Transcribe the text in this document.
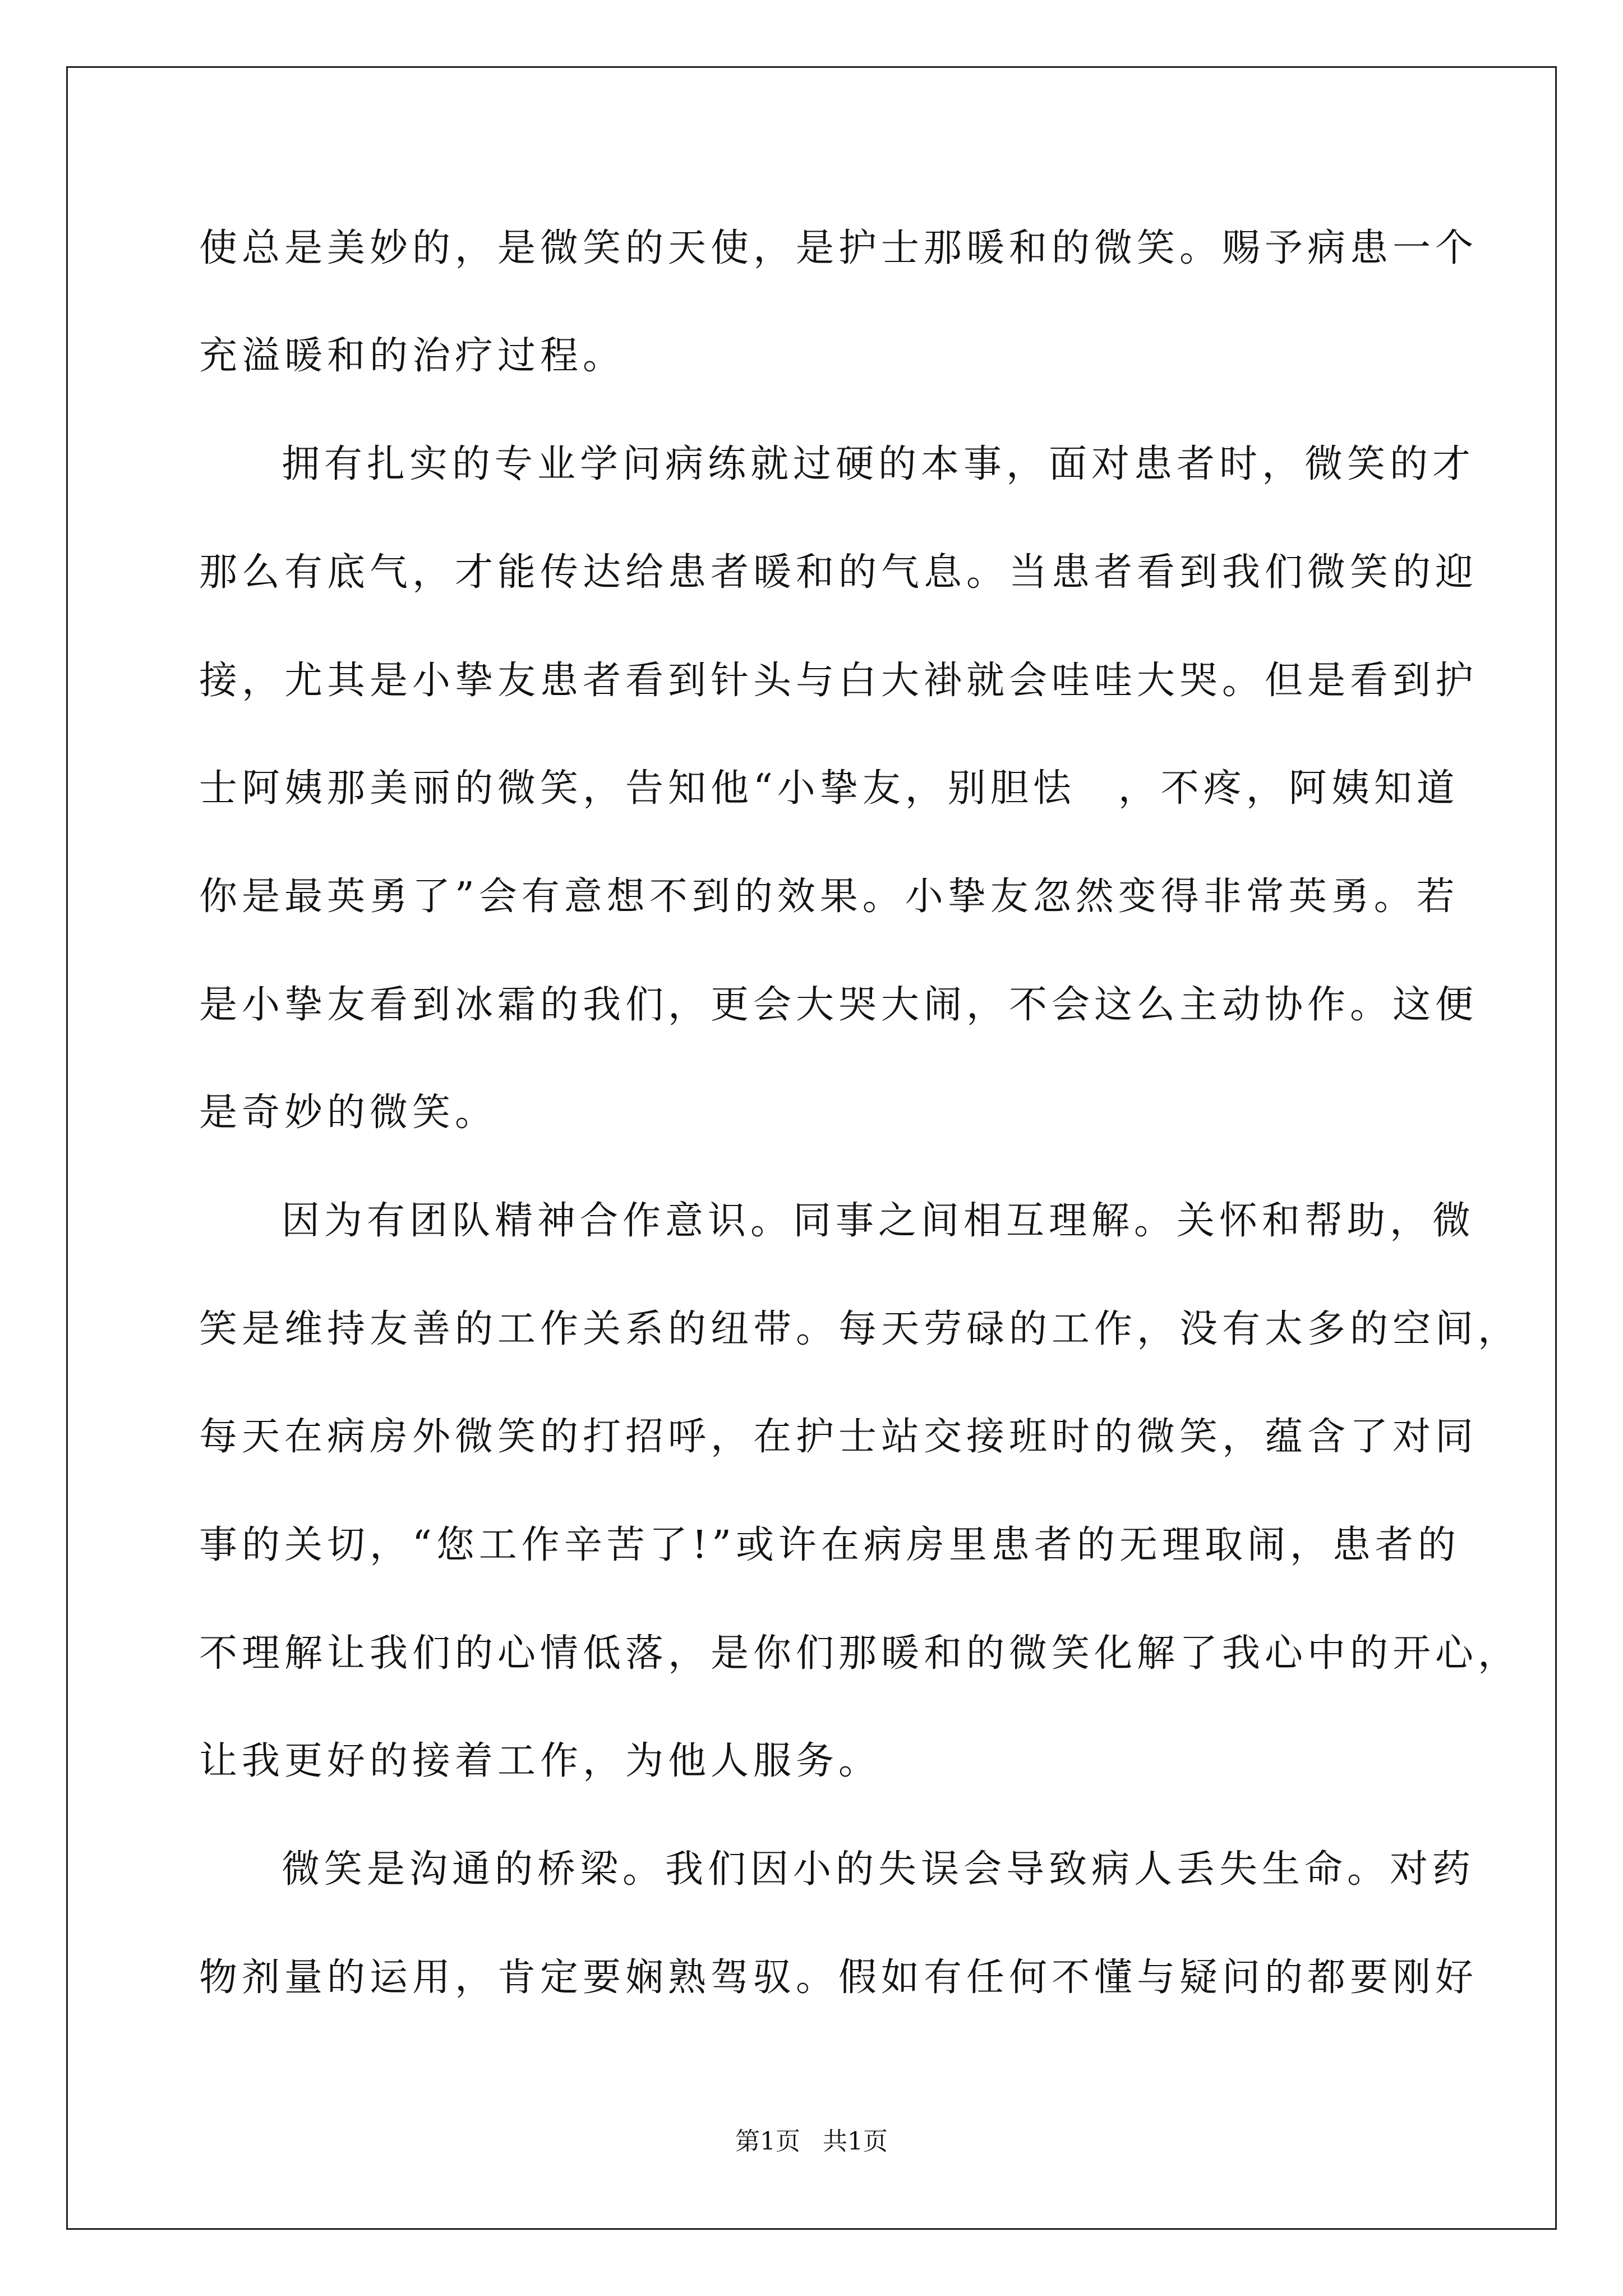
使总是美妙的，是微笑的天使，是护士那暖和的微笑。赐予病患一个

充溢暖和的治疗过程。

拥有扎实的专业学问病练就过硬的本事，面对患者时，微笑的才

那么有底气，才能传达给患者暖和的气息。当患者看到我们微笑的迎

接，尤其是小挚友患者看到针头与白大褂就会哇哇大哭。但是看到护

士阿姨那美丽的微笑，告知他“小挚友，别胆怯　，不疼，阿姨知道

你是最英勇了”会有意想不到的效果。小挚友忽然变得非常英勇。若

是小挚友看到冰霜的我们，更会大哭大闹，不会这么主动协作。这便

是奇妙的微笑。

因为有团队精神合作意识。同事之间相互理解。关怀和帮助，微

笑是维持友善的工作关系的纽带。每天劳碌的工作，没有太多的空间，

每天在病房外微笑的打招呼，在护士站交接班时的微笑，蕴含了对同

事的关切，“您工作辛苦了!”或许在病房里患者的无理取闹，患者的

不理解让我们的心情低落，是你们那暖和的微笑化解了我心中的开心，

让我更好的接着工作，为他人服务。

微笑是沟通的桥梁。我们因小的失误会导致病人丢失生命。对药

物剂量的运用，肯定要娴熟驾驭。假如有任何不懂与疑问的都要刚好

第1页 共1页
